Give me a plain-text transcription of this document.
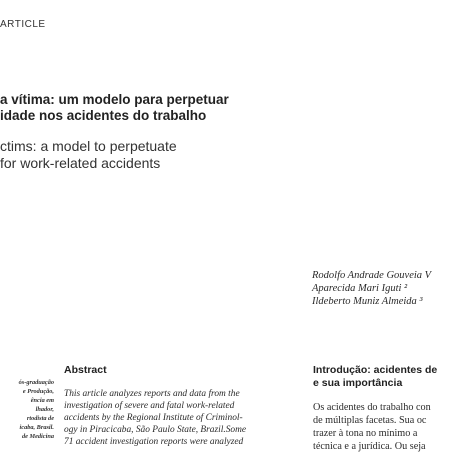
ARTICLE
a vítima: um modelo para perpetuar
idade nos acidentes do trabalho
ctims: a model to perpetuate
for work-related accidents
Rodolfo Andrade Gouveia V
Aparecida Mari Iguti ²
Ildeberto Muniz Almeida ³
ós-graduação
e Produção,
ência em
lhador,
rtodista de
icaba, Brasil.
de Medicina
Abstract
This article analyzes reports and data from the
investigation of severe and fatal work-related
accidents by the Regional Institute of Criminol-
ogy in Piracicaba, São Paulo State, Brazil.Some
71 accident investigation reports were analyzed
Introdução: acidentes de
e sua importância
Os acidentes do trabalho con
de múltiplas facetas. Sua oc
trazer à tona no mínimo a
técnica e a jurídica. Ou seja
